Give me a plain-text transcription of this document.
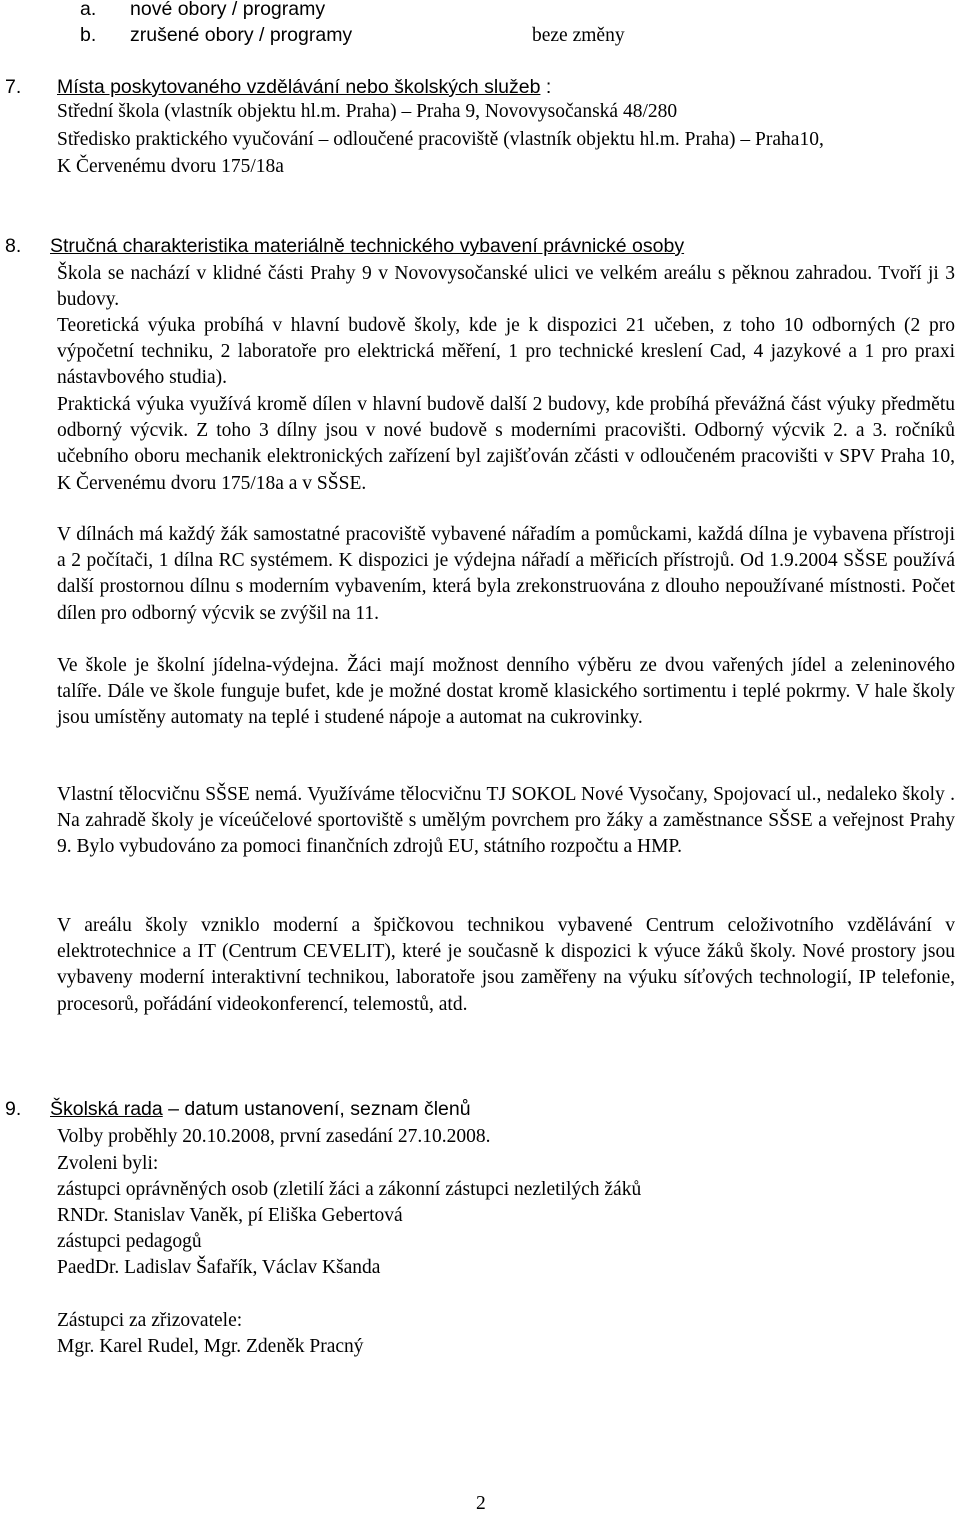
a. nové obory / programy
b. zrušené obory / programy	beze změny
7. Místa poskytovaného vzdělávání nebo školských služeb :
Střední škola (vlastník objektu hl.m. Praha) – Praha 9, Novovysočanská 48/280
Středisko praktického vyučování – odloučené pracoviště (vlastník objektu hl.m. Praha) – Praha10,
K Červenému dvoru 175/18a
8. Stručná charakteristika materiálně technického vybavení právnické osoby

Škola se nachází v klidné části Prahy 9 v Novovysočanské ulici ve velkém areálu s pěknou zahradou. Tvoří ji 3 budovy.

Teoretická výuka probíhá v hlavní budově školy, kde je k dispozici 21 učeben, z toho 10 odborných (2 pro výpočetní techniku, 2 laboratoře pro elektrická měření, 1 pro technické kreslení Cad, 4 jazykové a 1 pro praxi nástavbového studia).

Praktická výuka využívá kromě dílen v hlavní budově další 2 budovy, kde probíhá převážná část výuky předmětu odborný výcvik. Z toho 3 dílny jsou v nové budově s moderními pracovišti. Odborný výcvik 2. a 3. ročníků učebního oboru mechanik elektronických zařízení byl zajišťován zčásti v odloučeném pracovišti v SPV Praha 10, K Červenému dvoru 175/18a a v SŠSE.

V dílnách má každý žák samostatné pracoviště vybavené nářadím a pomůckami, každá dílna je vybavena přístroji a 2 počítači, 1 dílna RC systémem. K dispozici je výdejna nářadí a měřicích přístrojů. Od 1.9.2004 SŠSE používá další prostornou dílnu s moderním vybavením, která byla zrekonstruována z dlouho nepoužívané místnosti. Počet dílen pro odborný výcvik se zvýšil na 11.

Ve škole je školní jídelna-výdejna. Žáci mají možnost denního výběru ze dvou vařených jídel a zeleninového talíře. Dále ve škole funguje bufet, kde je možné dostat kromě klasického sortimentu i teplé pokrmy. V hale školy jsou umístěny automaty na teplé i studené nápoje a automat na cukrovinky.

Vlastní tělocvičnu SŠSE nemá. Využíváme tělocvičnu TJ SOKOL Nové Vysočany, Spojovací ul., nedaleko školy . Na zahradě školy je víceúčelové sportoviště s umělým povrchem pro žáky a zaměstnance SŠSE a veřejnost Prahy 9. Bylo vybudováno za pomoci finančních zdrojů EU, státního rozpočtu a HMP.

V areálu školy vzniklo moderní a špičkovou technikou vybavené Centrum celoživotního vzdělávání v elektrotechnice a IT (Centrum CEVELIT), které je současně k dispozici k výuce žáků školy. Nové prostory jsou vybaveny moderní interaktivní technikou, laboratoře jsou zaměřeny na výuku síťových technologií, IP telefonie, procesorů, pořádání videokonferencí, telemostů, atd.

9. Školská rada – datum ustanovení, seznam členů
Volby proběhly 20.10.2008, první zasedání 27.10.2008.
Zvoleni byli:
zástupci oprávněných osob (zletilí žáci a zákonní zástupci nezletilých žáků
RNDr. Stanislav Vaněk, pí Eliška Gebertová
zástupci pedagogů
PaedDr. Ladislav Šafařík, Václav Kšanda
Zástupci za zřizovatele:
Mgr. Karel Rudel, Mgr. Zdeněk Pracný
2
